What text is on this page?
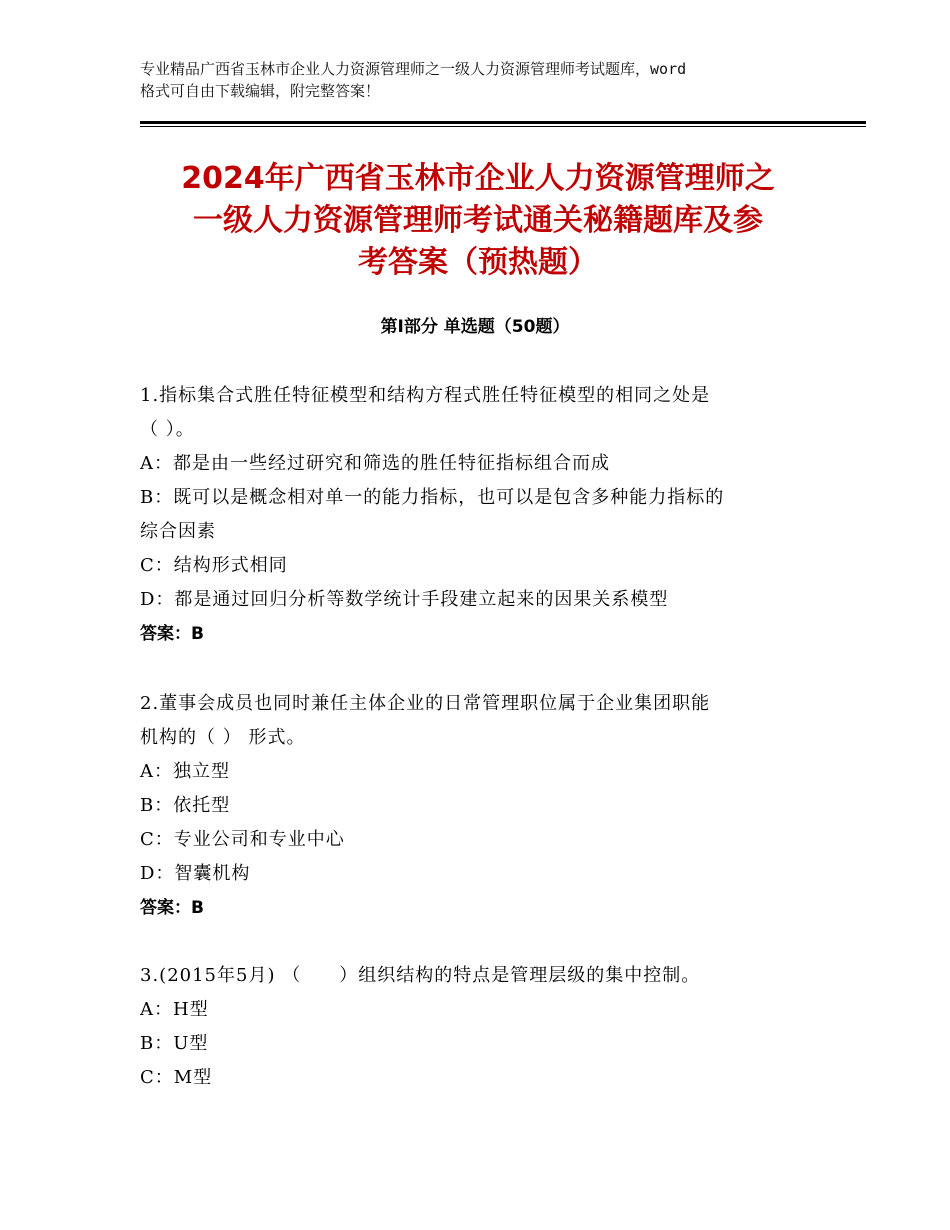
专业精品广西省玉林市企业人力资源管理师之一级人力资源管理师考试题库，word
格式可自由下载编辑，附完整答案！
2024年广西省玉林市企业人力资源管理师之
一级人力资源管理师考试通关秘籍题库及参
考答案（预热题）
第Ⅰ部分 单选题（50题）
1.指标集合式胜任特征模型和结构方程式胜任特征模型的相同之处是
（ ）。
A：都是由一些经过研究和筛选的胜任特征指标组合而成
B：既可以是概念相对单一的能力指标，也可以是包含多种能力指标的
综合因素
C：结构形式相同
D：都是通过回归分析等数学统计手段建立起来的因果关系模型
答案：B
2.董事会成员也同时兼任主体企业的日常管理职位属于企业集团职能
机构的（ ） 形式。
A：独立型
B：依托型
C：专业公司和专业中心
D：智囊机构
答案：B
3.(2015年5月) （　　）组织结构的特点是管理层级的集中控制。
A：H型
B：U型
C：M型
